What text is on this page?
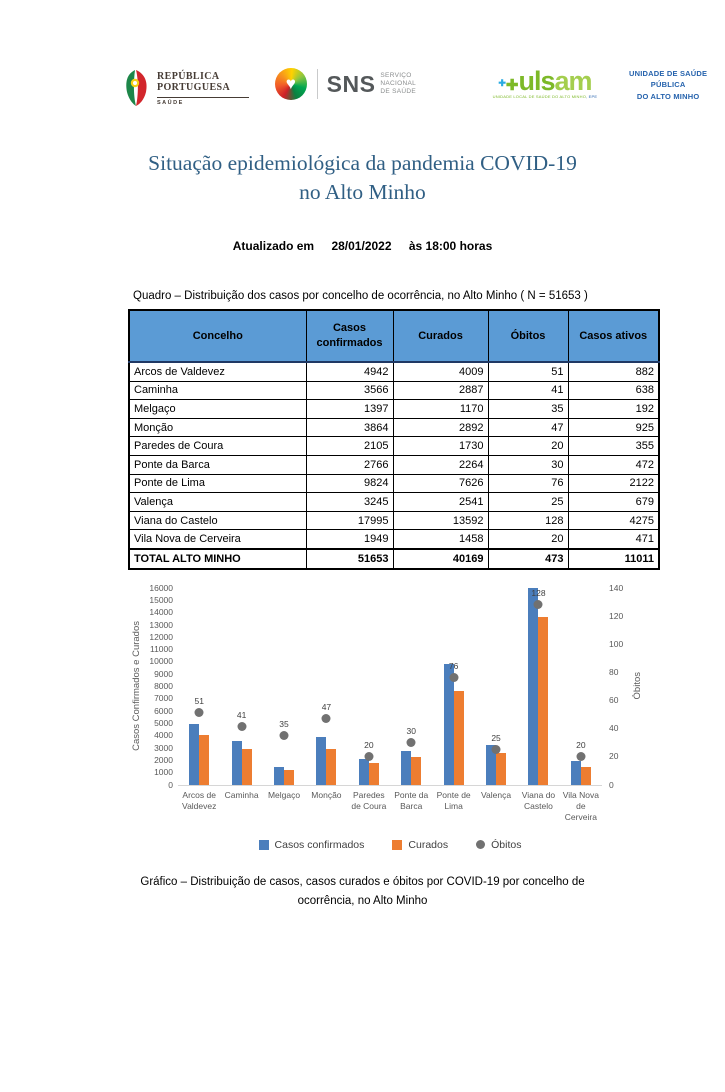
REPÚBLICA
PORTUGUESA
SAÚDE
♥ SNS SERVIÇO NACIONAL
DE SAÚDE
✚✚ ulsam
UNIDADE LOCAL DE SAÚDE DO ALTO MINHO, EPE
UNIDADE DE SAÚDE PÚBLICA
DO ALTO MINHO
Situação epidemiológica da pandemia COVID-19
no Alto Minho
Atualizado em 28/01/2022 às 18:00 horas
Quadro – Distribuição dos casos por concelho de ocorrência, no Alto Minho ( N = 51653 )
Concelho	Casos confirmados	Curados	Óbitos	Casos ativos
Arcos de Valdevez	4942	4009	51	882
Caminha	3566	2887	41	638
Melgaço	1397	1170	35	192
Monção	3864	2892	47	925
Paredes de Coura	2105	1730	20	355
Ponte da Barca	2766	2264	30	472
Ponte de Lima	9824	7626	76	2122
Valença	3245	2541	25	679
Viana do Castelo	17995	13592	128	4275
Vila Nova de Cerveira	1949	1458	20	471
TOTAL ALTO MINHO	51653	40169	473	11011
Casos Confirmados e Curados
16000
15000
14000
13000
12000
11000
10000
9000
8000
7000
6000
5000
4000
3000
2000
1000
0
51
41
35
47
20
30
76
25
128
20
Arcos de Valdevez
Caminha	Melgaço	Monção	Paredes de Coura
Ponte da Barca
Ponte de Lima
Valença	Viana do Castelo
Vila Nova de Cerveira
Casos confirmados	Curados	Óbitos
140
120
100
80
60
40
20
0
Óbitos
Gráfico – Distribuição de casos, casos curados e óbitos por COVID-19 por concelho de ocorrência, no Alto Minho
